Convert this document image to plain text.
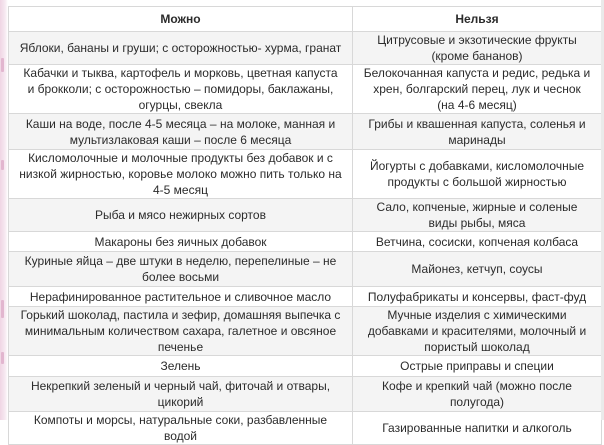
Можно	Нельзя
Яблоки, бананы и груши; с осторожностью- хурма, гранат	Цитрусовые и экзотические фрукты (кроме бананов)
Кабачки и тыква, картофель и морковь, цветная капуста и брокколи; с осторожностью – помидоры, баклажаны, огурцы, свекла	Белокочанная капуста и редис, редька и хрен, болгарский перец, лук и чеснок (на 4-6 месяц)
Каши на воде, после 4-5 месяца – на молоке, манная и мультизлаковая каши – после 6 месяца	Грибы и квашенная капуста, соленья и маринады
Кисломолочные и молочные продукты без добавок и с низкой жирностью, коровье молоко можно пить только на 4-5 месяц	Йогурты с добавками, кисломолочные продукты с большой жирностью
Рыба и мясо нежирных сортов	Сало, копченые, жирные и соленые виды рыбы, мяса
Макароны без яичных добавок	Ветчина, сосиски, копченая колбаса
Куриные яйца – две штуки в неделю, перепелиные – не более восьми	Майонез, кетчуп, соусы
Нерафинированное растительное и сливочное масло	Полуфабрикаты и консервы, фаст-фуд
Горький шоколад, пастила и зефир, домашняя выпечка с минимальным количеством сахара, галетное и овсяное печенье	Мучные изделия с химическими добавками и красителями, молочный и пористый шоколад
Зелень	Острые приправы и специи
Некрепкий зеленый и черный чай, фиточай и отвары, цикорий	Кофе и крепкий чай (можно после полугода)
Компоты и морсы, натуральные соки, разбавленные водой	Газированные напитки и алкоголь
